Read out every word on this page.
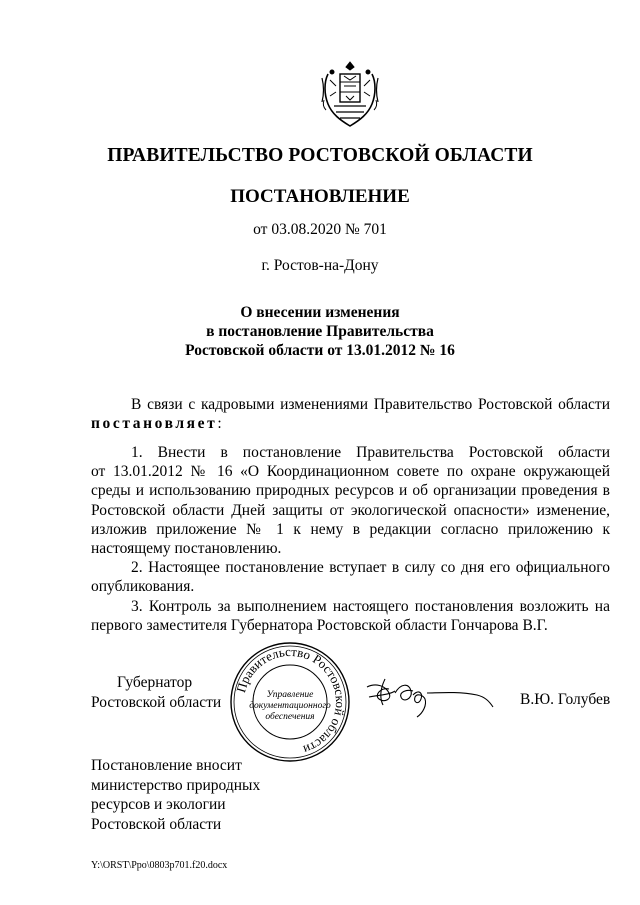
ПРАВИТЕЛЬСТВО РОСТОВСКОЙ ОБЛАСТИ
ПОСТАНОВЛЕНИЕ
от 03.08.2020 № 701
г. Ростов-на-Дону
О внесении изменения
в постановление Правительства
Ростовской области от 13.01.2012 № 16

В связи с кадровыми изменениями Правительство Ростовской области

постановляет:

1. Внести в постановление Правительства Ростовской области

от 13.01.2012 № 16 «О Координационном совете по охране окружающей среды и использованию природных ресурсов и об организации проведения в Ростовской области Дней защиты от экологической опасности» изменение, изложив приложение № 1 к нему в редакции согласно приложению к настоящему постановлению.

2. Настоящее постановление вступает в силу со дня его официального опубликования.

3. Контроль за выполнением настоящего постановления возложить на первого заместителя Губернатора Ростовской области Гончарова В.Г.

Губернатор
Ростовской области
Правительство Ростовской области
Управление
документационного
обеспечения
В.Ю. Голубев
Постановление вносит
министерство природных
ресурсов и экологии
Ростовской области
Y:\ORST\Ppo\0803p701.f20.docx
